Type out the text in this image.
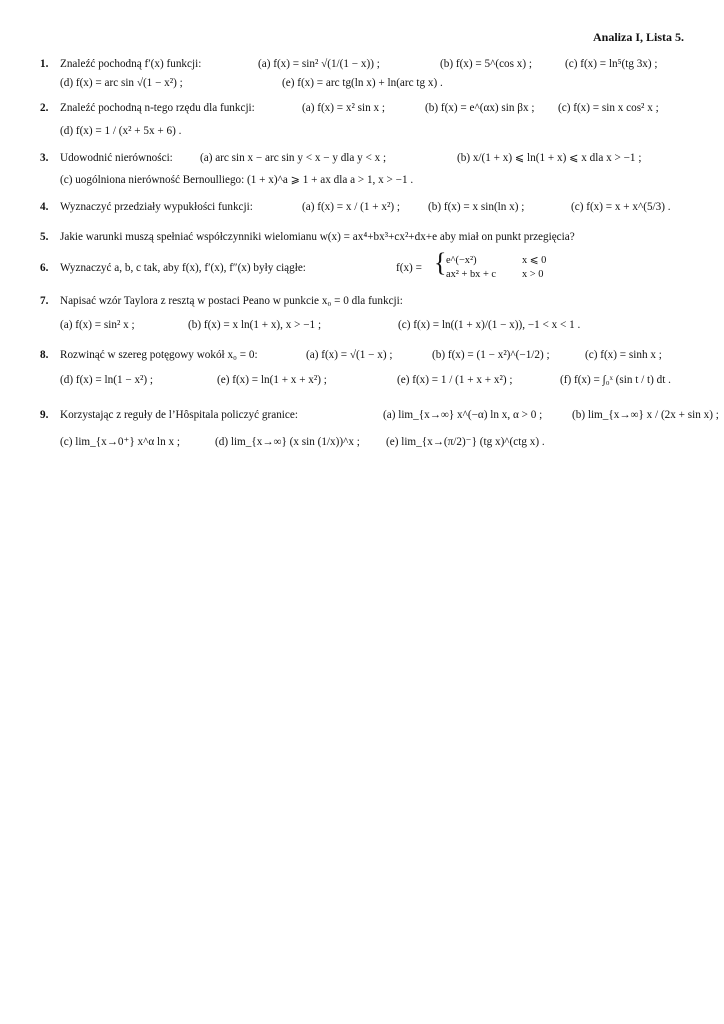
Analiza I, Lista 5.
1. Znaleźć pochodną f′(x) funkcji:	(a) f(x) = sin² √(1/(1 − x)) ;	(b) f(x) = 5^(cos x) ;	(c) f(x) = ln⁵(tg 3x) ;
(d) f(x) = arc sin √(1 − x²) ;	(e) f(x) = arc tg(ln x) + ln(arc tg x) .
2. Znaleźć pochodną n-tego rzędu dla funkcji:	(a) f(x) = x² sin x ;	(b) f(x) = e^(αx) sin βx ; (c) f(x) = sin x cos² x ;
(d) f(x) = 1 / (x² + 5x + 6) .
3. Udowodnić nierówności: (a) arc sin x − arc sin y < x − y dla y < x ;	(b) x/(1 + x) ⩽ ln(1 + x) ⩽ x dla x > −1 ;
(c) uogólniona nierówność Bernoulliego: (1 + x)^a ⩾ 1 + ax dla a > 1, x > −1 .
4. Wyznaczyć przedziały wypukłości funkcji:	(a) f(x) = x / (1 + x²) ;	(b) f(x) = x sin(ln x) ;	(c) f(x) = x + x^(5/3) .
5. Jakie warunki muszą spełniać współczynniki wielomianu w(x) = ax⁴+bx³+cx²+dx+e aby miał on punkt przegięcia?
6. Wyznaczyć a, b, c tak, aby f(x), f′(x), f″(x) były ciągłe:	f(x) = { e^(−x²)	x ⩽ 0
ax² + bx + c x > 0
7. Napisać wzór Taylora z resztą w postaci Peano w punkcie x₀ = 0 dla funkcji:
(a) f(x) = sin² x ;	(b) f(x) = x ln(1 + x), x > −1 ;	(c) f(x) = ln((1 + x)/(1 − x)), −1 < x < 1 .
8. Rozwinąć w szereg potęgowy wokół x₀ = 0:	(a) f(x) = √(1 − x) ;	(b) f(x) = (1 − x²)^(−1/2) ;	(c) f(x) = sinh x ;
(d) f(x) = ln(1 − x²) ;	(e) f(x) = ln(1 + x + x²) ;	(e) f(x) = 1 / (1 + x + x²) ;	(f) f(x) = ∫₀ˣ (sin t / t) dt .
9. Korzystając z reguły de l’Hôspitala policzyć granice:	(a) lim_{x→∞} x^(−α) ln x, α > 0 ;	(b) lim_{x→∞} x / (2x + sin x) ;
(c) lim_{x→0⁺} x^α ln x ;	(d) lim_{x→∞} (x sin (1/x))^x ; (e) lim_{x→(π/2)⁻} (tg x)^(ctg x) .
